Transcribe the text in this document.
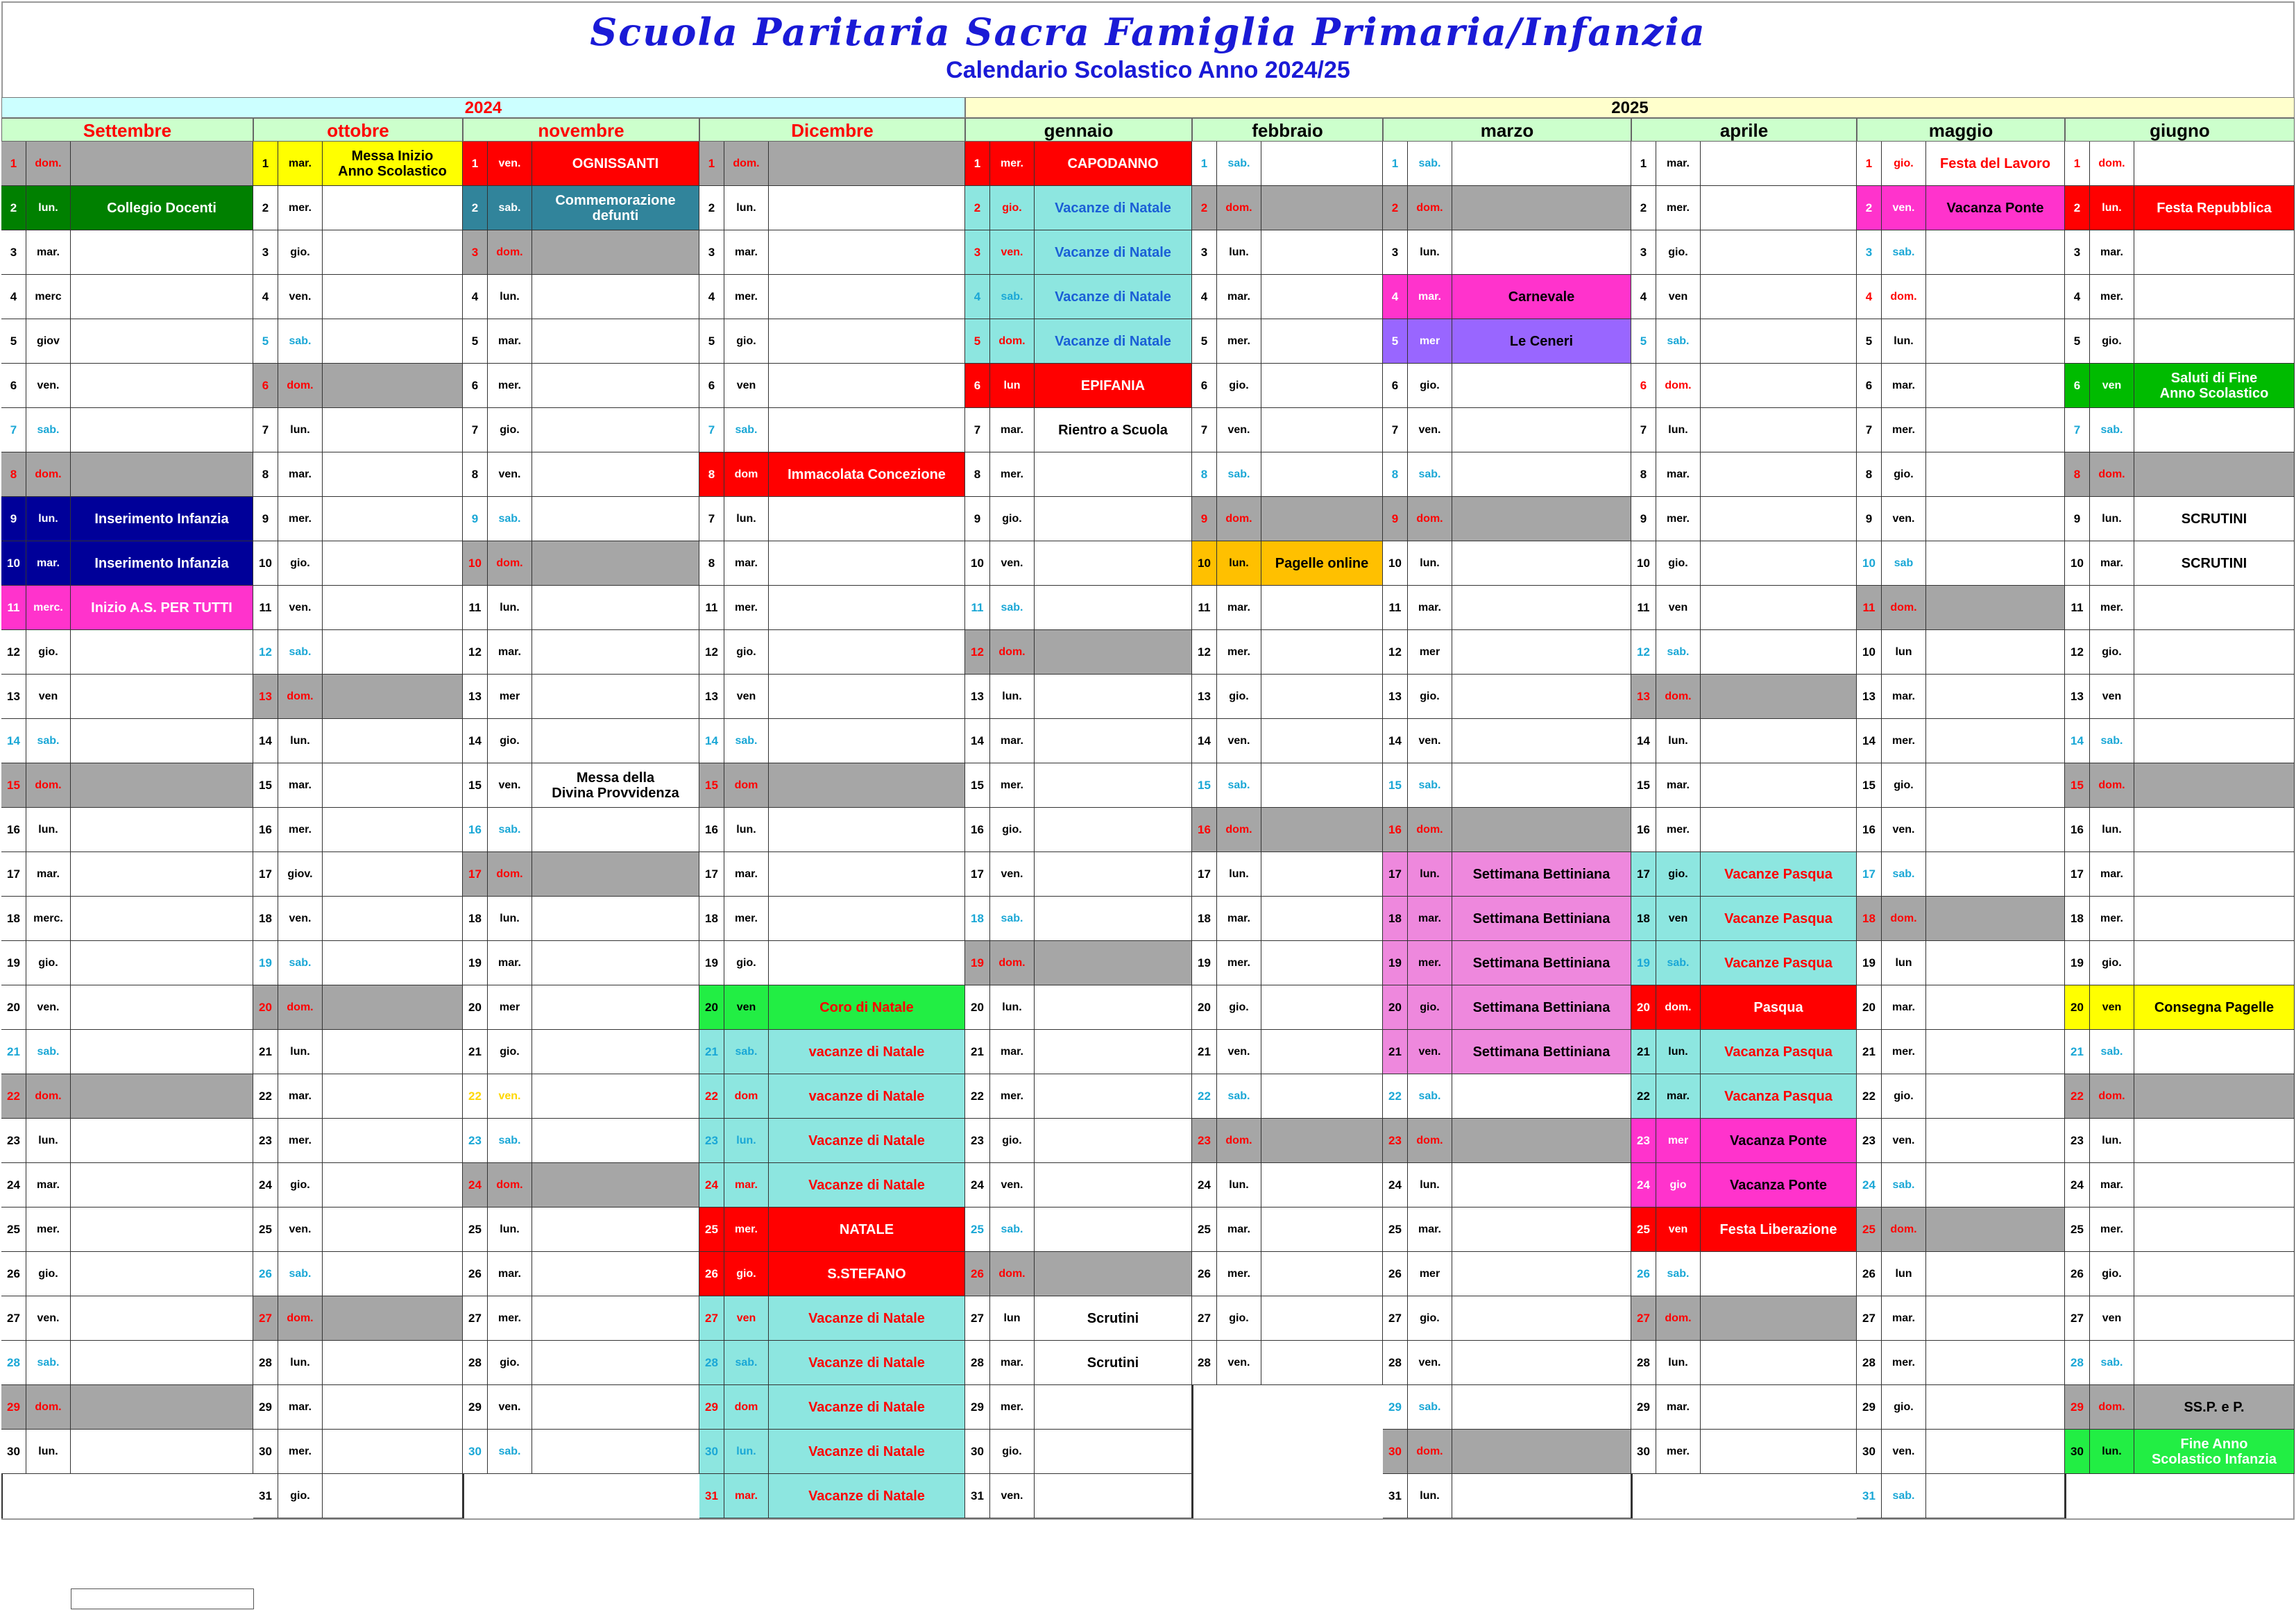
Scuola Paritaria Sacra Famiglia Primaria/Infanzia
Calendario Scolastico Anno 2024/25
2024	2025
Settembre
1	dom.
2	lun.	Collegio Docenti
3	mar.
4	merc
5	giov
6	ven.
7	sab.
8	dom.
9	lun.	Inserimento Infanzia
10	mar.	Inserimento Infanzia
11	merc.	Inizio A.S. PER TUTTI
12	gio.
13	ven
14	sab.
15	dom.
16	lun.
17	mar.
18	merc.
19	gio.
20	ven.
21	sab.
22	dom.
23	lun.
24	mar.
25	mer.
26	gio.
27	ven.
28	sab.
29	dom.
30	lun.
ottobre
1	mar.	Messa Inizio
Anno Scolastico
2	mer.
3	gio.
4	ven.
5	sab.
6	dom.
7	lun.
8	mar.
9	mer.
10	gio.
11	ven.
12	sab.
13	dom.
14	lun.
15	mar.
16	mer.
17	giov.
18	ven.
19	sab.
20	dom.
21	lun.
22	mar.
23	mer.
24	gio.
25	ven.
26	sab.
27	dom.
28	lun.
29	mar.
30	mer.
31	gio.
novembre
1	ven.	OGNISSANTI
2	sab.	Commemorazione
defunti
3	dom.
4	lun.
5	mar.
6	mer.
7	gio.
8	ven.
9	sab.
10	dom.
11	lun.
12	mar.
13	mer
14	gio.
15	ven.	Messa della
Divina Provvidenza
16	sab.
17	dom.
18	lun.
19	mar.
20	mer
21	gio.
22	ven.
23	sab.
24	dom.
25	lun.
26	mar.
27	mer.
28	gio.
29	ven.
30	sab.
Dicembre
1	dom.
2	lun.
3	mar.
4	mer.
5	gio.
6	ven
7	sab.
8	dom	Immacolata Concezione
7	lun.
8	mar.
11	mer.
12	gio.
13	ven
14	sab.
15	dom
16	lun.
17	mar.
18	mer.
19	gio.
20	ven	Coro di Natale
21	sab.	vacanze di Natale
22	dom	vacanze di Natale
23	lun.	Vacanze di Natale
24	mar.	Vacanze di Natale
25	mer.	NATALE
26	gio.	S.STEFANO
27	ven	Vacanze di Natale
28	sab.	Vacanze di Natale
29	dom	Vacanze di Natale
30	lun.	Vacanze di Natale
31	mar.	Vacanze di Natale
gennaio
1	mer.	CAPODANNO
2	gio.	Vacanze di Natale
3	ven.	Vacanze di Natale
4	sab.	Vacanze di Natale
5	dom.	Vacanze di Natale
6	lun	EPIFANIA
7	mar.	Rientro a Scuola
8	mer.
9	gio.
10	ven.
11	sab.
12	dom.
13	lun.
14	mar.
15	mer.
16	gio.
17	ven.
18	sab.
19	dom.
20	lun.
21	mar.
22	mer.
23	gio.
24	ven.
25	sab.
26	dom.
27	lun	Scrutini
28	mar.	Scrutini
29	mer.
30	gio.
31	ven.
febbraio
1	sab.
2	dom.
3	lun.
4	mar.
5	mer.
6	gio.
7	ven.
8	sab.
9	dom.
10	lun.	Pagelle online
11	mar.
12	mer.
13	gio.
14	ven.
15	sab.
16	dom.
17	lun.
18	mar.
19	mer.
20	gio.
21	ven.
22	sab.
23	dom.
24	lun.
25	mar.
26	mer.
27	gio.
28	ven.
marzo
1	sab.
2	dom.
3	lun.
4	mar.	Carnevale
5	mer	Le Ceneri
6	gio.
7	ven.
8	sab.
9	dom.
10	lun.
11	mar.
12	mer
13	gio.
14	ven.
15	sab.
16	dom.
17	lun.	Settimana Bettiniana
18	mar.	Settimana Bettiniana
19	mer.	Settimana Bettiniana
20	gio.	Settimana Bettiniana
21	ven.	Settimana Bettiniana
22	sab.
23	dom.
24	lun.
25	mar.
26	mer
27	gio.
28	ven.
29	sab.
30	dom.
31	lun.
aprile
1	mar.
2	mer.
3	gio.
4	ven
5	sab.
6	dom.
7	lun.
8	mar.
9	mer.
10	gio.
11	ven
12	sab.
13	dom.
14	lun.
15	mar.
16	mer.
17	gio.	Vacanze Pasqua
18	ven	Vacanze Pasqua
19	sab.	Vacanze Pasqua
20	dom.	Pasqua
21	lun.	Vacanza Pasqua
22	mar.	Vacanza Pasqua
23	mer	Vacanza Ponte
24	gio	Vacanza Ponte
25	ven	Festa Liberazione
26	sab.
27	dom.
28	lun.
29	mar.
30	mer.
maggio
1	gio.	Festa del Lavoro
2	ven.	Vacanza Ponte
3	sab.
4	dom.
5	lun.
6	mar.
7	mer.
8	gio.
9	ven.
10	sab
11	dom.
10	lun
13	mar.
14	mer.
15	gio.
16	ven.
17	sab.
18	dom.
19	lun
20	mar.
21	mer.
22	gio.
23	ven.
24	sab.
25	dom.
26	lun
27	mar.
28	mer.
29	gio.
30	ven.
31	sab.
giugno
1	dom.
2	lun.	Festa Repubblica
3	mar.
4	mer.
5	gio.
6	ven	Saluti di Fine
Anno Scolastico
7	sab.
8	dom.
9	lun.	SCRUTINI
10	mar.	SCRUTINI
11	mer.
12	gio.
13	ven
14	sab.
15	dom.
16	lun.
17	mar.
18	mer.
19	gio.
20	ven	Consegna Pagelle
21	sab.
22	dom.
23	lun.
24	mar.
25	mer.
26	gio.
27	ven
28	sab.
29	dom.	SS.P. e P.
30	lun.	Fine Anno
Scolastico Infanzia
